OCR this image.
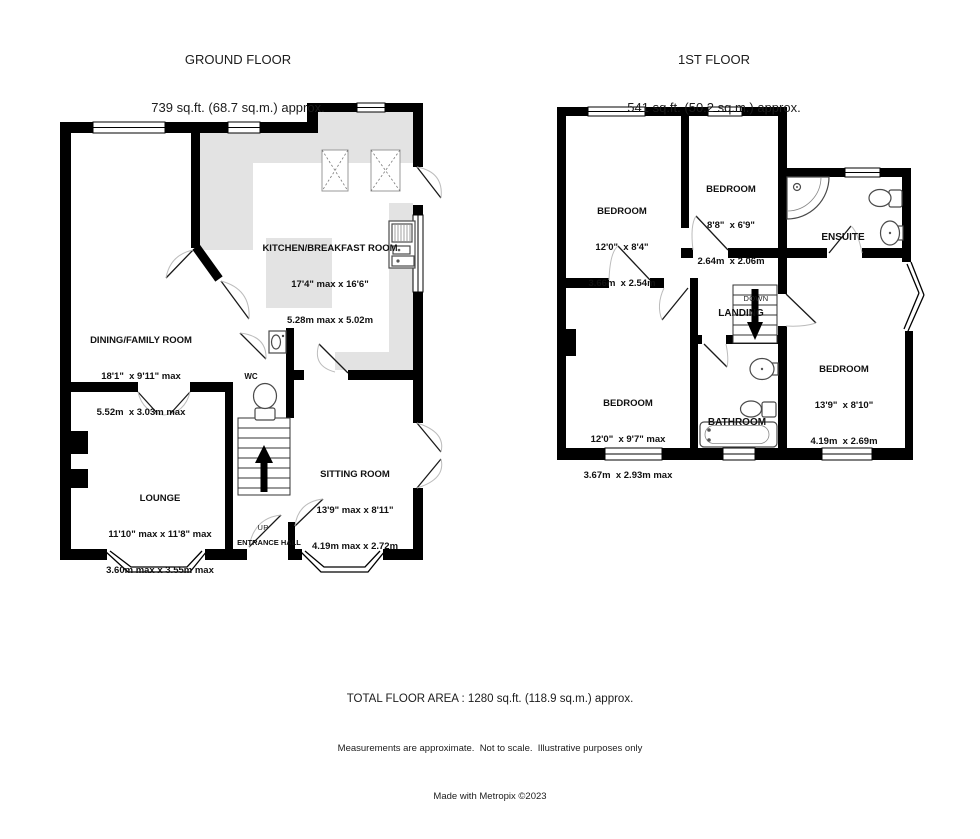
GROUND FLOOR

739 sq.ft. (68.7 sq.m.) approx.

1ST FLOOR

541 sq.ft. (50.2 sq.m.) approx.

KITCHEN/BREAKFAST ROOM

17'4" max x 16'6"

5.28m max x 5.02m

DINING/FAMILY ROOM

18'1"  x 9'11" max

5.52m  x 3.03m max

LOUNGE

11'10" max x 11'8" max

3.60m max x 3.55m max

SITTING ROOM

13'9" max x 8'11"

4.19m max x 2.72m

WC

UP

ENTRANCE HALL

BEDROOM

12'0"  x 8'4"

3.66m  x 2.54m

BEDROOM

8'8"  x 6'9"

2.64m  x 2.06m

BEDROOM

13'9"  x 8'10"

4.19m  x 2.69m

BEDROOM

12'0"  x 9'7" max

3.67m  x 2.93m max

ENSUITE

LANDING

DOWN

BATHROOM

TOTAL FLOOR AREA : 1280 sq.ft. (118.9 sq.m.) approx.

Measurements are approximate.  Not to scale.  Illustrative purposes only

Made with Metropix ©2023
